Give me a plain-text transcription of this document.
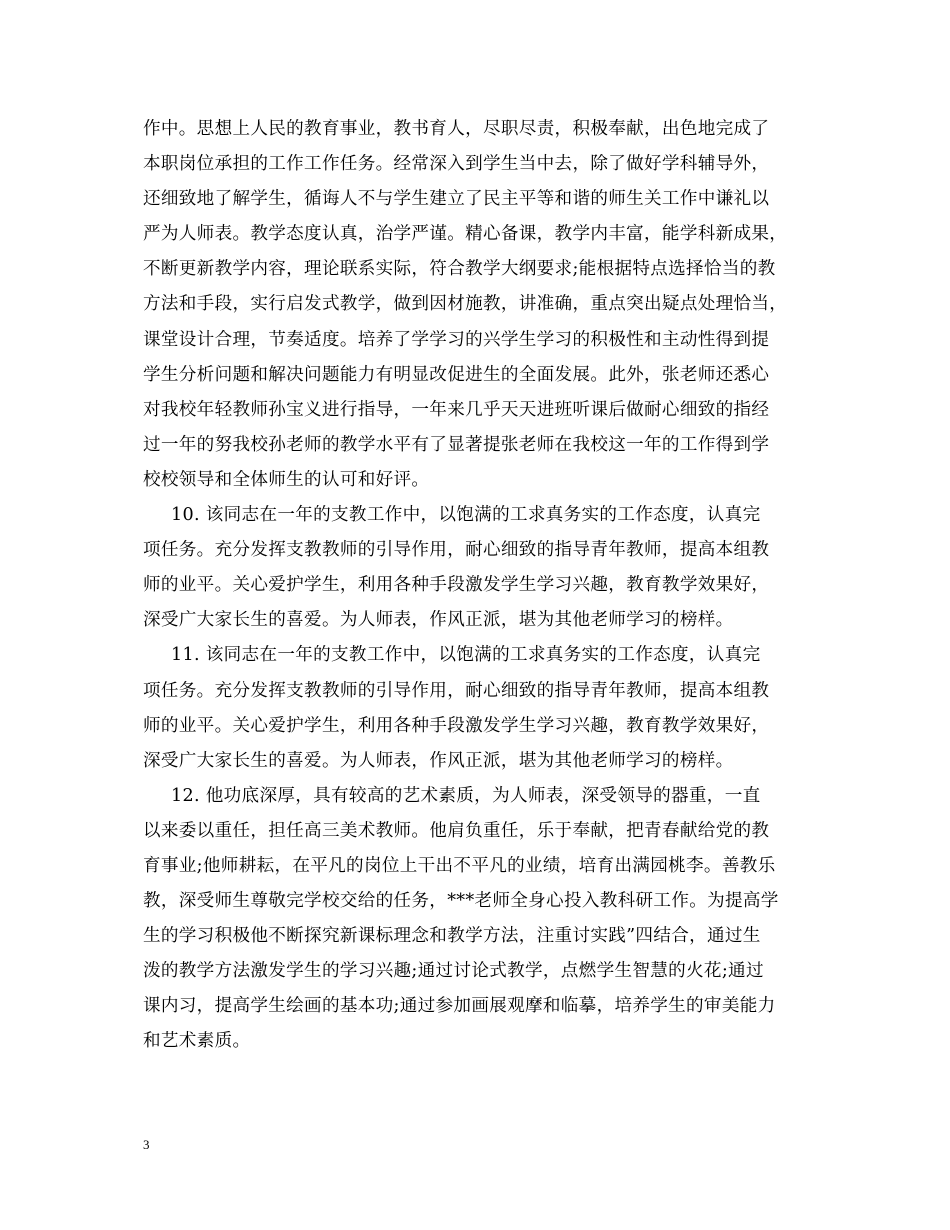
作中。思想上人民的教育事业，教书育人，尽职尽责，积极奉献，出色地完成了
本职岗位承担的工作工作任务。经常深入到学生当中去，除了做好学科辅导外，
还细致地了解学生，循诲人不与学生建立了民主平等和谐的师生关工作中谦礼以
严为人师表。教学态度认真，治学严谨。精心备课，教学内丰富，能学科新成果，
不断更新教学内容，理论联系实际，符合教学大纲要求;能根据特点选择恰当的教
方法和手段，实行启发式教学，做到因材施教，讲准确，重点突出疑点处理恰当，
课堂设计合理，节奏适度。培养了学学习的兴学生学习的积极性和主动性得到提
学生分析问题和解决问题能力有明显改促进生的全面发展。此外，张老师还悉心
对我校年轻教师孙宝义进行指导，一年来几乎天天进班听课后做耐心细致的指经
过一年的努我校孙老师的教学水平有了显著提张老师在我校这一年的工作得到学
校校领导和全体师生的认可和好评。
10. 该同志在一年的支教工作中，以饱满的工求真务实的工作态度，认真完
项任务。充分发挥支教教师的引导作用，耐心细致的指导青年教师，提高本组教
师的业平。关心爱护学生，利用各种手段激发学生学习兴趣，教育教学效果好，
深受广大家长生的喜爱。为人师表，作风正派，堪为其他老师学习的榜样。
11. 该同志在一年的支教工作中，以饱满的工求真务实的工作态度，认真完
项任务。充分发挥支教教师的引导作用，耐心细致的指导青年教师，提高本组教
师的业平。关心爱护学生，利用各种手段激发学生学习兴趣，教育教学效果好，
深受广大家长生的喜爱。为人师表，作风正派，堪为其他老师学习的榜样。
12. 他功底深厚，具有较高的艺术素质，为人师表，深受领导的器重，一直
以来委以重任，担任高三美术教师。他肩负重任，乐于奉献，把青春献给党的教
育事业;他师耕耘，在平凡的岗位上干出不平凡的业绩，培育出满园桃李。善教乐
教，深受师生尊敬完学校交给的任务，***老师全身心投入教科研工作。为提高学
生的学习积极他不断探究新课标理念和教学方法，注重讨实践”四结合，通过生
泼的教学方法激发学生的学习兴趣;通过讨论式教学，点燃学生智慧的火花;通过
课内习，提高学生绘画的基本功;通过参加画展观摩和临摹，培养学生的审美能力
和艺术素质。
3
